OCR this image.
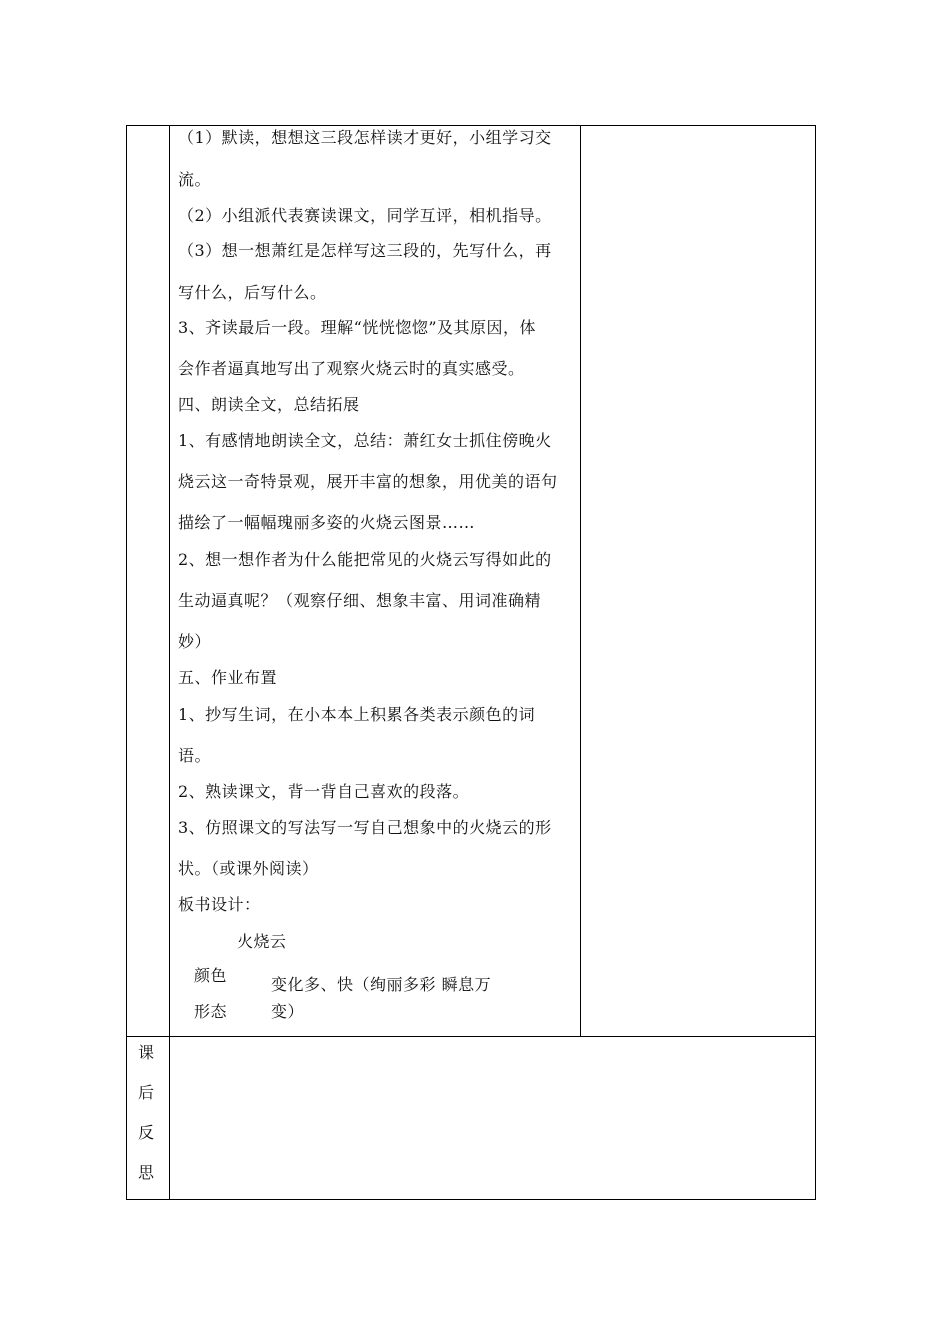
（1）默读，想想这三段怎样读才更好，小组学习交
流。
（2）小组派代表赛读课文，同学互评，相机指导。
（3）想一想萧红是怎样写这三段的，先写什么，再
写什么，后写什么。
3、齐读最后一段。理解“恍恍惚惚”及其原因，体
会作者逼真地写出了观察火烧云时的真实感受。
四、朗读全文，总结拓展
1、有感情地朗读全文，总结：萧红女士抓住傍晚火
烧云这一奇特景观，展开丰富的想象，用优美的语句
描绘了一幅幅瑰丽多姿的火烧云图景……
2、想一想作者为什么能把常见的火烧云写得如此的
生动逼真呢？（观察仔细、想象丰富、用词准确精
妙）
五、作业布置
1、抄写生词，在小本本上积累各类表示颜色的词
语。
2、熟读课文，背一背自己喜欢的段落。
3、仿照课文的写法写一写自己想象中的火烧云的形
状。（或课外阅读）
板书设计：
火烧云
颜色
形态
变化多、快（绚丽多彩 瞬息万
变）
课
后
反
思
